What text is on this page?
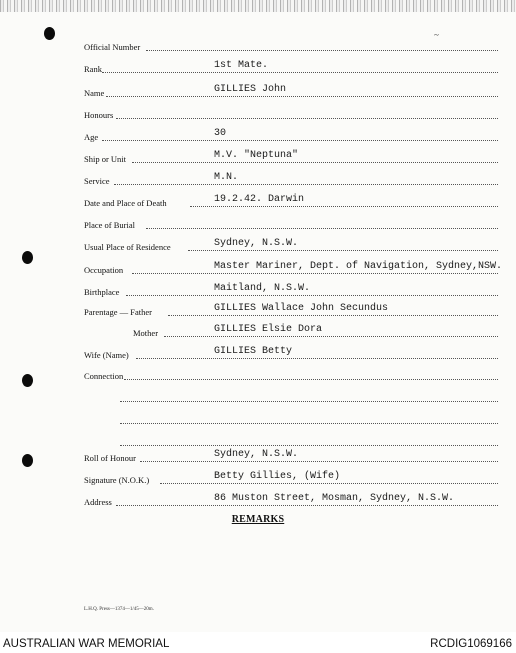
~
Official Number
Rank	1st Mate.
Name	GILLIES John
Honours
Age	30
Ship or Unit	M.V. "Neptuna"
Service	M.N.
Date and Place of Death	19.2.42. Darwin
Place of Burial
Usual Place of Residence	Sydney, N.S.W.
Occupation	Master Mariner, Dept. of Navigation, Sydney,NSW.
Birthplace	Maitland, N.S.W.
Parentage — Father	GILLIES Wallace John Secundus
Mother	GILLIES Elsie Dora
Wife (Name)	GILLIES Betty
Connection
Roll of Honour	Sydney, N.S.W.
Signature (N.O.K.)	Betty Gillies, (Wife)
Address	86 Muston Street, Mosman, Sydney, N.S.W.
REMARKS
L.H.Q. Press—1374—1/45—20m.
AUSTRALIAN WAR MEMORIAL	RCDIG1069166
